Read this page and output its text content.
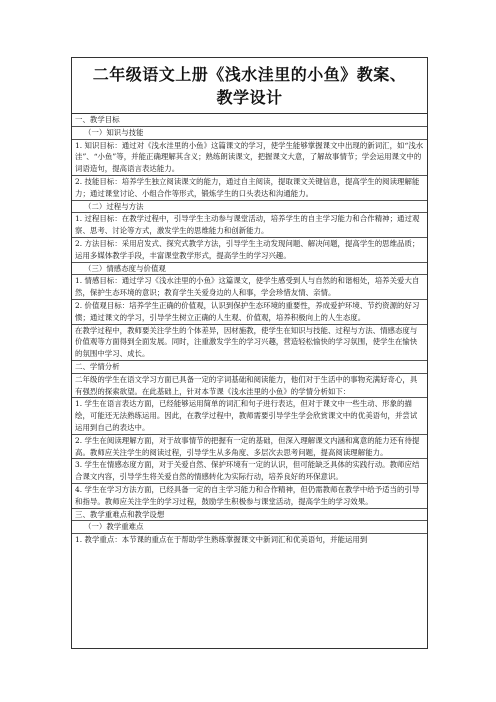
二年级语文上册《浅水洼里的小鱼》教案、
教学设计
一、教学目标
（一）知识与技能
1. 知识目标：通过对《浅水洼里的小鱼》这篇课文的学习，使学生能够掌握课文中出现的新词汇，如“浅水洼”、“小鱼”等，并能正确理解其含义；熟练朗读课文，把握课文大意，了解故事情节；学会运用课文中的词语造句，提高语言表达能力。
2. 技能目标：培养学生独立阅读课文的能力，通过自主阅读，提取课文关键信息，提高学生的阅读理解能力；通过课堂讨论、小组合作等形式，锻炼学生的口头表达和沟通能力。
（二）过程与方法
1. 过程目标：在教学过程中，引导学生主动参与课堂活动，培养学生的自主学习能力和合作精神；通过观察、思考、讨论等方式，激发学生的思维能力和创新能力。
2. 方法目标：采用启发式、探究式教学方法，引导学生主动发现问题、解决问题，提高学生的思维品质；运用多媒体教学手段，丰富课堂教学形式，提高学生的学习兴趣。
（三）情感态度与价值观
1. 情感目标：通过学习《浅水洼里的小鱼》这篇课文，使学生感受到人与自然的和谐相处，培养关爱大自然，保护生态环境的意识；教育学生关爱身边的人和事，学会珍惜友情、亲情。
2. 价值观目标：培养学生正确的价值观，认识到保护生态环境的重要性，养成爱护环境、节约资源的好习惯；通过课文的学习，引导学生树立正确的人生观、价值观，培养积极向上的人生态度。
在教学过程中，教师要关注学生的个体差异，因材施教，使学生在知识与技能、过程与方法、情感态度与价值观等方面得到全面发展。同时，注重激发学生的学习兴趣，营造轻松愉快的学习氛围，使学生在愉快的氛围中学习、成长。
二、学情分析
二年级的学生在语文学习方面已具备一定的字词基础和阅读能力，他们对于生活中的事物充满好奇心，具有强烈的探索欲望。在此基础上，针对本节课《浅水洼里的小鱼》的学情分析如下：
1. 学生在语言表达方面，已经能够运用简单的词汇和句子进行表达，但对于课文中一些生动、形象的描绘，可能还无法熟练运用。因此，在教学过程中，教师需要引导学生学会欣赏课文中的优美语句，并尝试运用到自己的表达中。
2. 学生在阅读理解方面，对于故事情节的把握有一定的基础，但深入理解课文内涵和寓意的能力还有待提高。教师应关注学生的阅读过程，引导学生从多角度、多层次去思考问题，提高阅读理解能力。
3. 学生在情感态度方面，对于关爱自然、保护环境有一定的认识，但可能缺乏具体的实践行动。教师应结合课文内容，引导学生将关爱自然的情感转化为实际行动，培养良好的环保意识。
4. 学生在学习方法方面，已经具备一定的自主学习能力和合作精神，但仍需教师在教学中给予适当的引导和指导。教师应关注学生的学习过程，鼓励学生积极参与课堂活动，提高学生的学习效果。
三、教学重难点和教学设想
（一）教学重难点
1. 教学重点：本节课的重点在于帮助学生熟练掌握课文中新词汇和优美语句，并能运用到
